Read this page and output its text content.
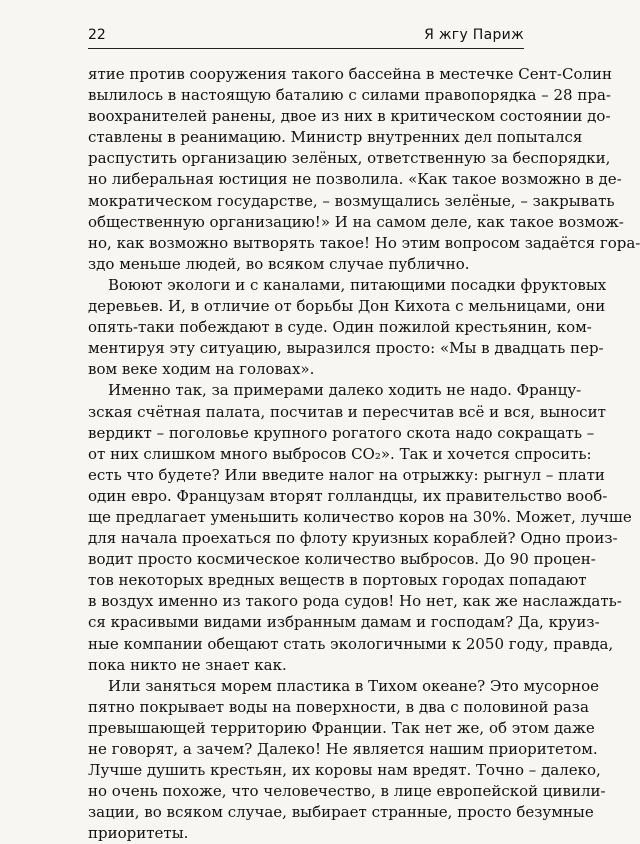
22	Я жгу Париж
ятие против сооружения такого бассейна в местечке Сент-Солин
вылилось в настоящую баталию с силами правопорядка – 28 пра-
воохранителей ранены, двое из них в критическом состоянии до-
ставлены в реанимацию. Министр внутренних дел попытался
распустить организацию зелёных, ответственную за беспорядки,
но либеральная юстиция не позволила. «Как такое возможно в де-
мократическом государстве, – возмущались зелёные, – закрывать
общественную организацию!» И на самом деле, как такое возмож-
но, как возможно вытворять такое! Но этим вопросом задаётся гора-
здо меньше людей, во всяком случае публично.
Воюют экологи и с каналами, питающими посадки фруктовых
деревьев. И, в отличие от борьбы Дон Кихота с мельницами, они
опять-таки побеждают в суде. Один пожилой крестьянин, ком-
ментируя эту ситуацию, выразился просто: «Мы в двадцать пер-
вом веке ходим на головах».
Именно так, за примерами далеко ходить не надо. Францу-
зская счётная палата, посчитав и пересчитав всё и вся, выносит
вердикт – поголовье крупного рогатого скота надо сокращать –
от них слишком много выбросов CO₂». Так и хочется спросить:
есть что будете? Или введите налог на отрыжку: рыгнул – плати
один евро. Французам вторят голландцы, их правительство вооб-
ще предлагает уменьшить количество коров на 30%. Может, лучше
для начала проехаться по флоту круизных кораблей? Одно произ-
водит просто космическое количество выбросов. До 90 процен-
тов некоторых вредных веществ в портовых городах попадают
в воздух именно из такого рода судов! Но нет, как же наслаждать-
ся красивыми видами избранным дамам и господам? Да, круиз-
ные компании обещают стать экологичными к 2050 году, правда,
пока никто не знает как.
Или заняться морем пластика в Тихом океане? Это мусорное
пятно покрывает воды на поверхности, в два с половиной раза
превышающей территорию Франции. Так нет же, об этом даже
не говорят, а зачем? Далеко! Не является нашим приоритетом.
Лучше душить крестьян, их коровы нам вредят. Точно – далеко,
но очень похоже, что человечество, в лице европейской цивили-
зации, во всяком случае, выбирает странные, просто безумные
приоритеты.
